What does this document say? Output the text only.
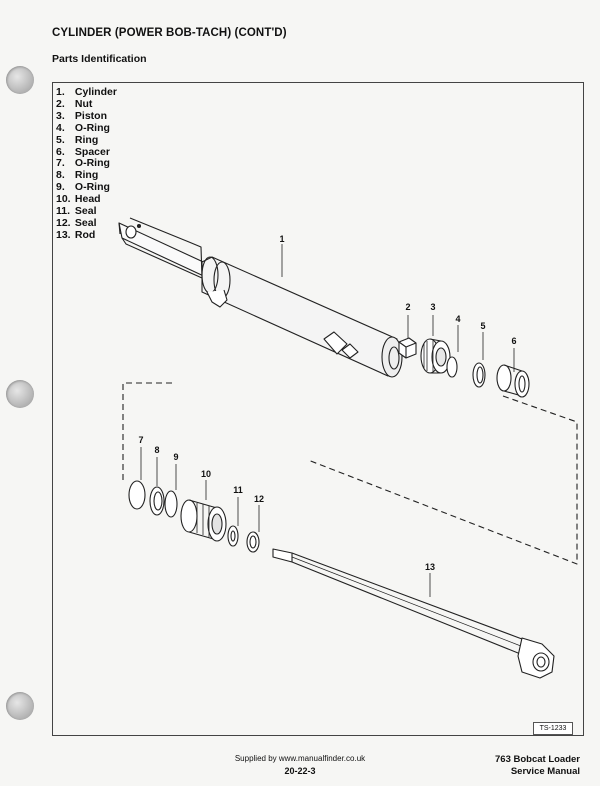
CYLINDER (POWER BOB-TACH) (CONT'D)
Parts Identification
1. Cylinder
2. Nut
3. Piston
4. O-Ring
5. Ring
6. Spacer
7. O-Ring
8. Ring
9. O-Ring
10. Head
11. Seal
12. Seal
13. Rod	1
2 3
4
5
6
7
8
9
10
11
12
13
TS-1233
Supplied by www.manualfinder.co.uk
20-22-3
763 Bobcat Loader
Service Manual
